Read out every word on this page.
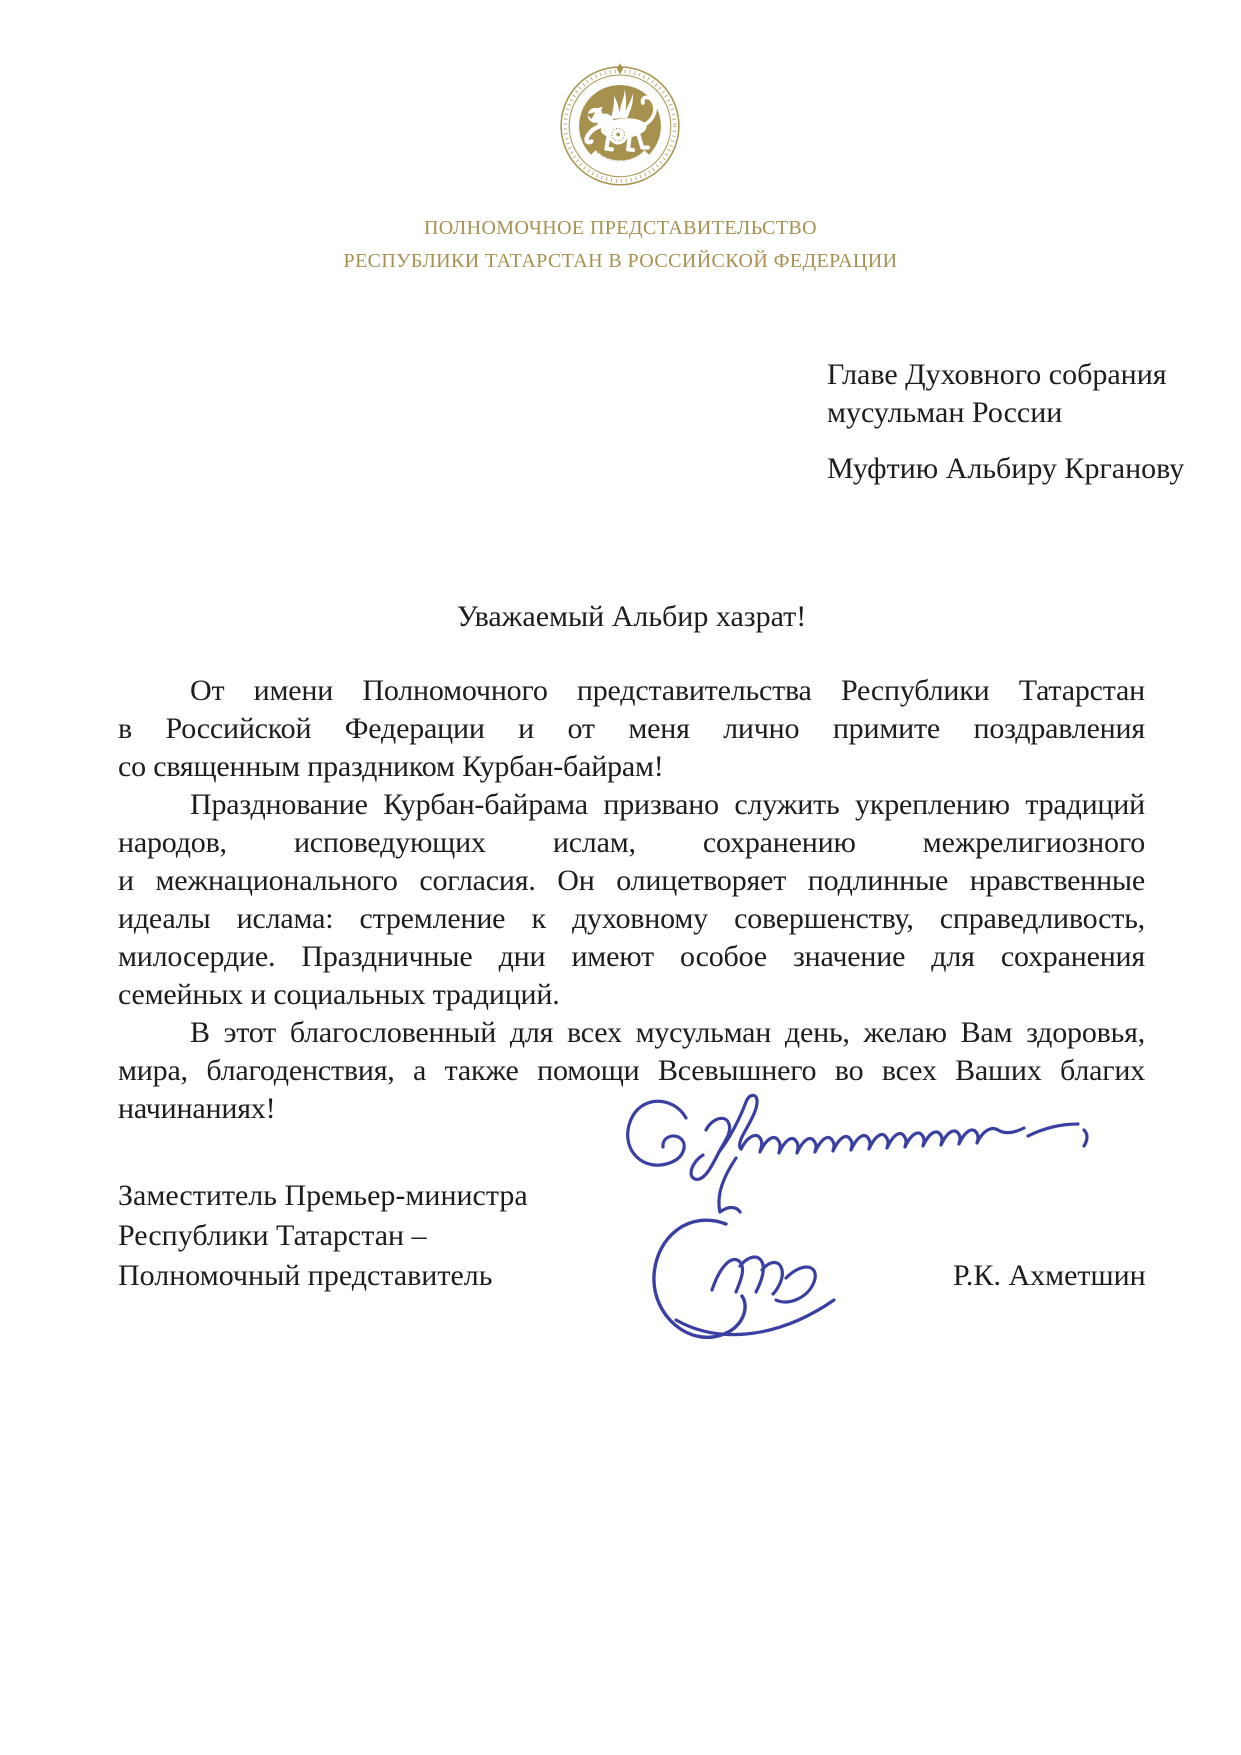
ТАТАРСТАН
ПОЛНОМОЧНОЕ ПРЕДСТАВИТЕЛЬСТВО
РЕСПУБЛИКИ ТАТАРСТАН В РОССИЙСКОЙ ФЕДЕРАЦИИ
Главе Духовного собрания
мусульман России
Муфтию Альбиру Крганову
Уважаемый Альбир хазрат!
От имени Полномочного представительства Республики Татарстан
в Российской Федерации и от меня лично примите поздравления
со священным праздником Курбан-байрам!
Празднование Курбан-байрама призвано служить укреплению традиций
народов, исповедующих ислам, сохранению межрелигиозного
и межнационального согласия. Он олицетворяет подлинные нравственные
идеалы ислама: стремление к духовному совершенству, справедливость,
милосердие. Праздничные дни имеют особое значение для сохранения
семейных и социальных традиций.
В этот благословенный для всех мусульман день, желаю Вам здоровья,
мира, благоденствия, а также помощи Всевышнего во всех Ваших благих
начинаниях!
Заместитель Премьер-министра
Республики Татарстан –
Полномочный представитель	Р.К. Ахметшин
